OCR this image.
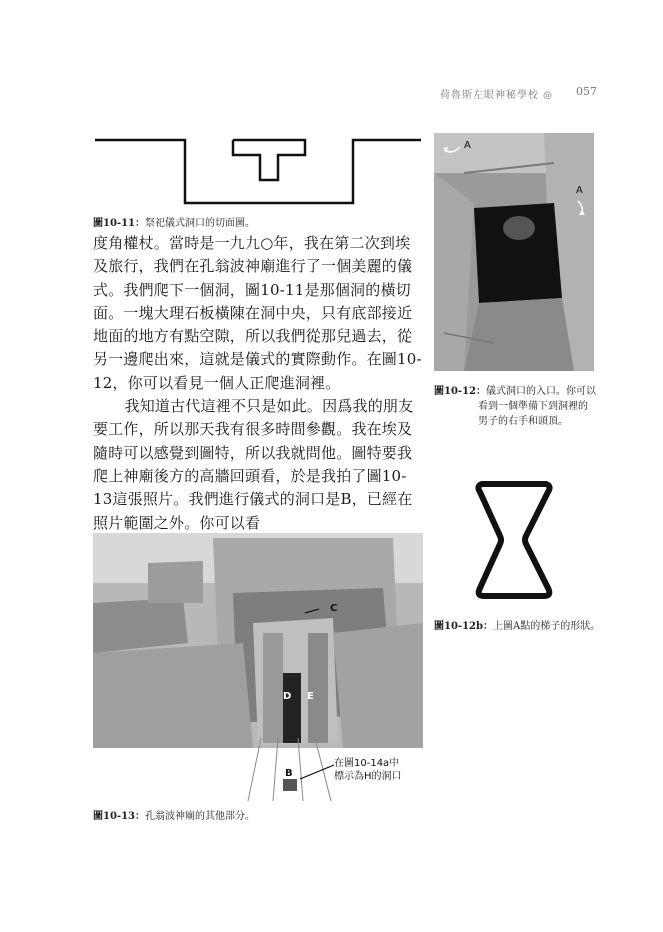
荷魯斯左眼神秘學校 ◎ 057
圖10-11：祭祀儀式洞口的切面圖。

度角權杖。當時是一九九○年，我在第二次到埃及旅行，我們在孔翁波神廟進行了一個美麗的儀式。我們爬下一個洞，圖10-11是那個洞的橫切面。一塊大理石板橫陳在洞中央，只有底部接近地面的地方有點空隙，所以我們從那兒過去，從另一邊爬出來，這就是儀式的實際動作。在圖10-12，你可以看見一個人正爬進洞裡。

我知道古代這裡不只是如此。因爲我的朋友要工作，所以那天我有很多時間參觀。我在埃及隨時可以感覺到圖特，所以我就問他。圖特要我爬上神廟後方的高牆回頭看，於是我拍了圖10-13這張照片。我們進行儀式的洞口是B，已經在照片範圍之外。你可以看

A
A
圖10-12：儀式洞口的入口。你可以
看到一個準備下到洞裡的
男子的右手和頭頂。
圖10-12b：上圖A點的梯子的形狀。
C
D E
B
在圖10-14a中
標示為H的洞口
圖10-13：孔翁波神廟的其他部分。
